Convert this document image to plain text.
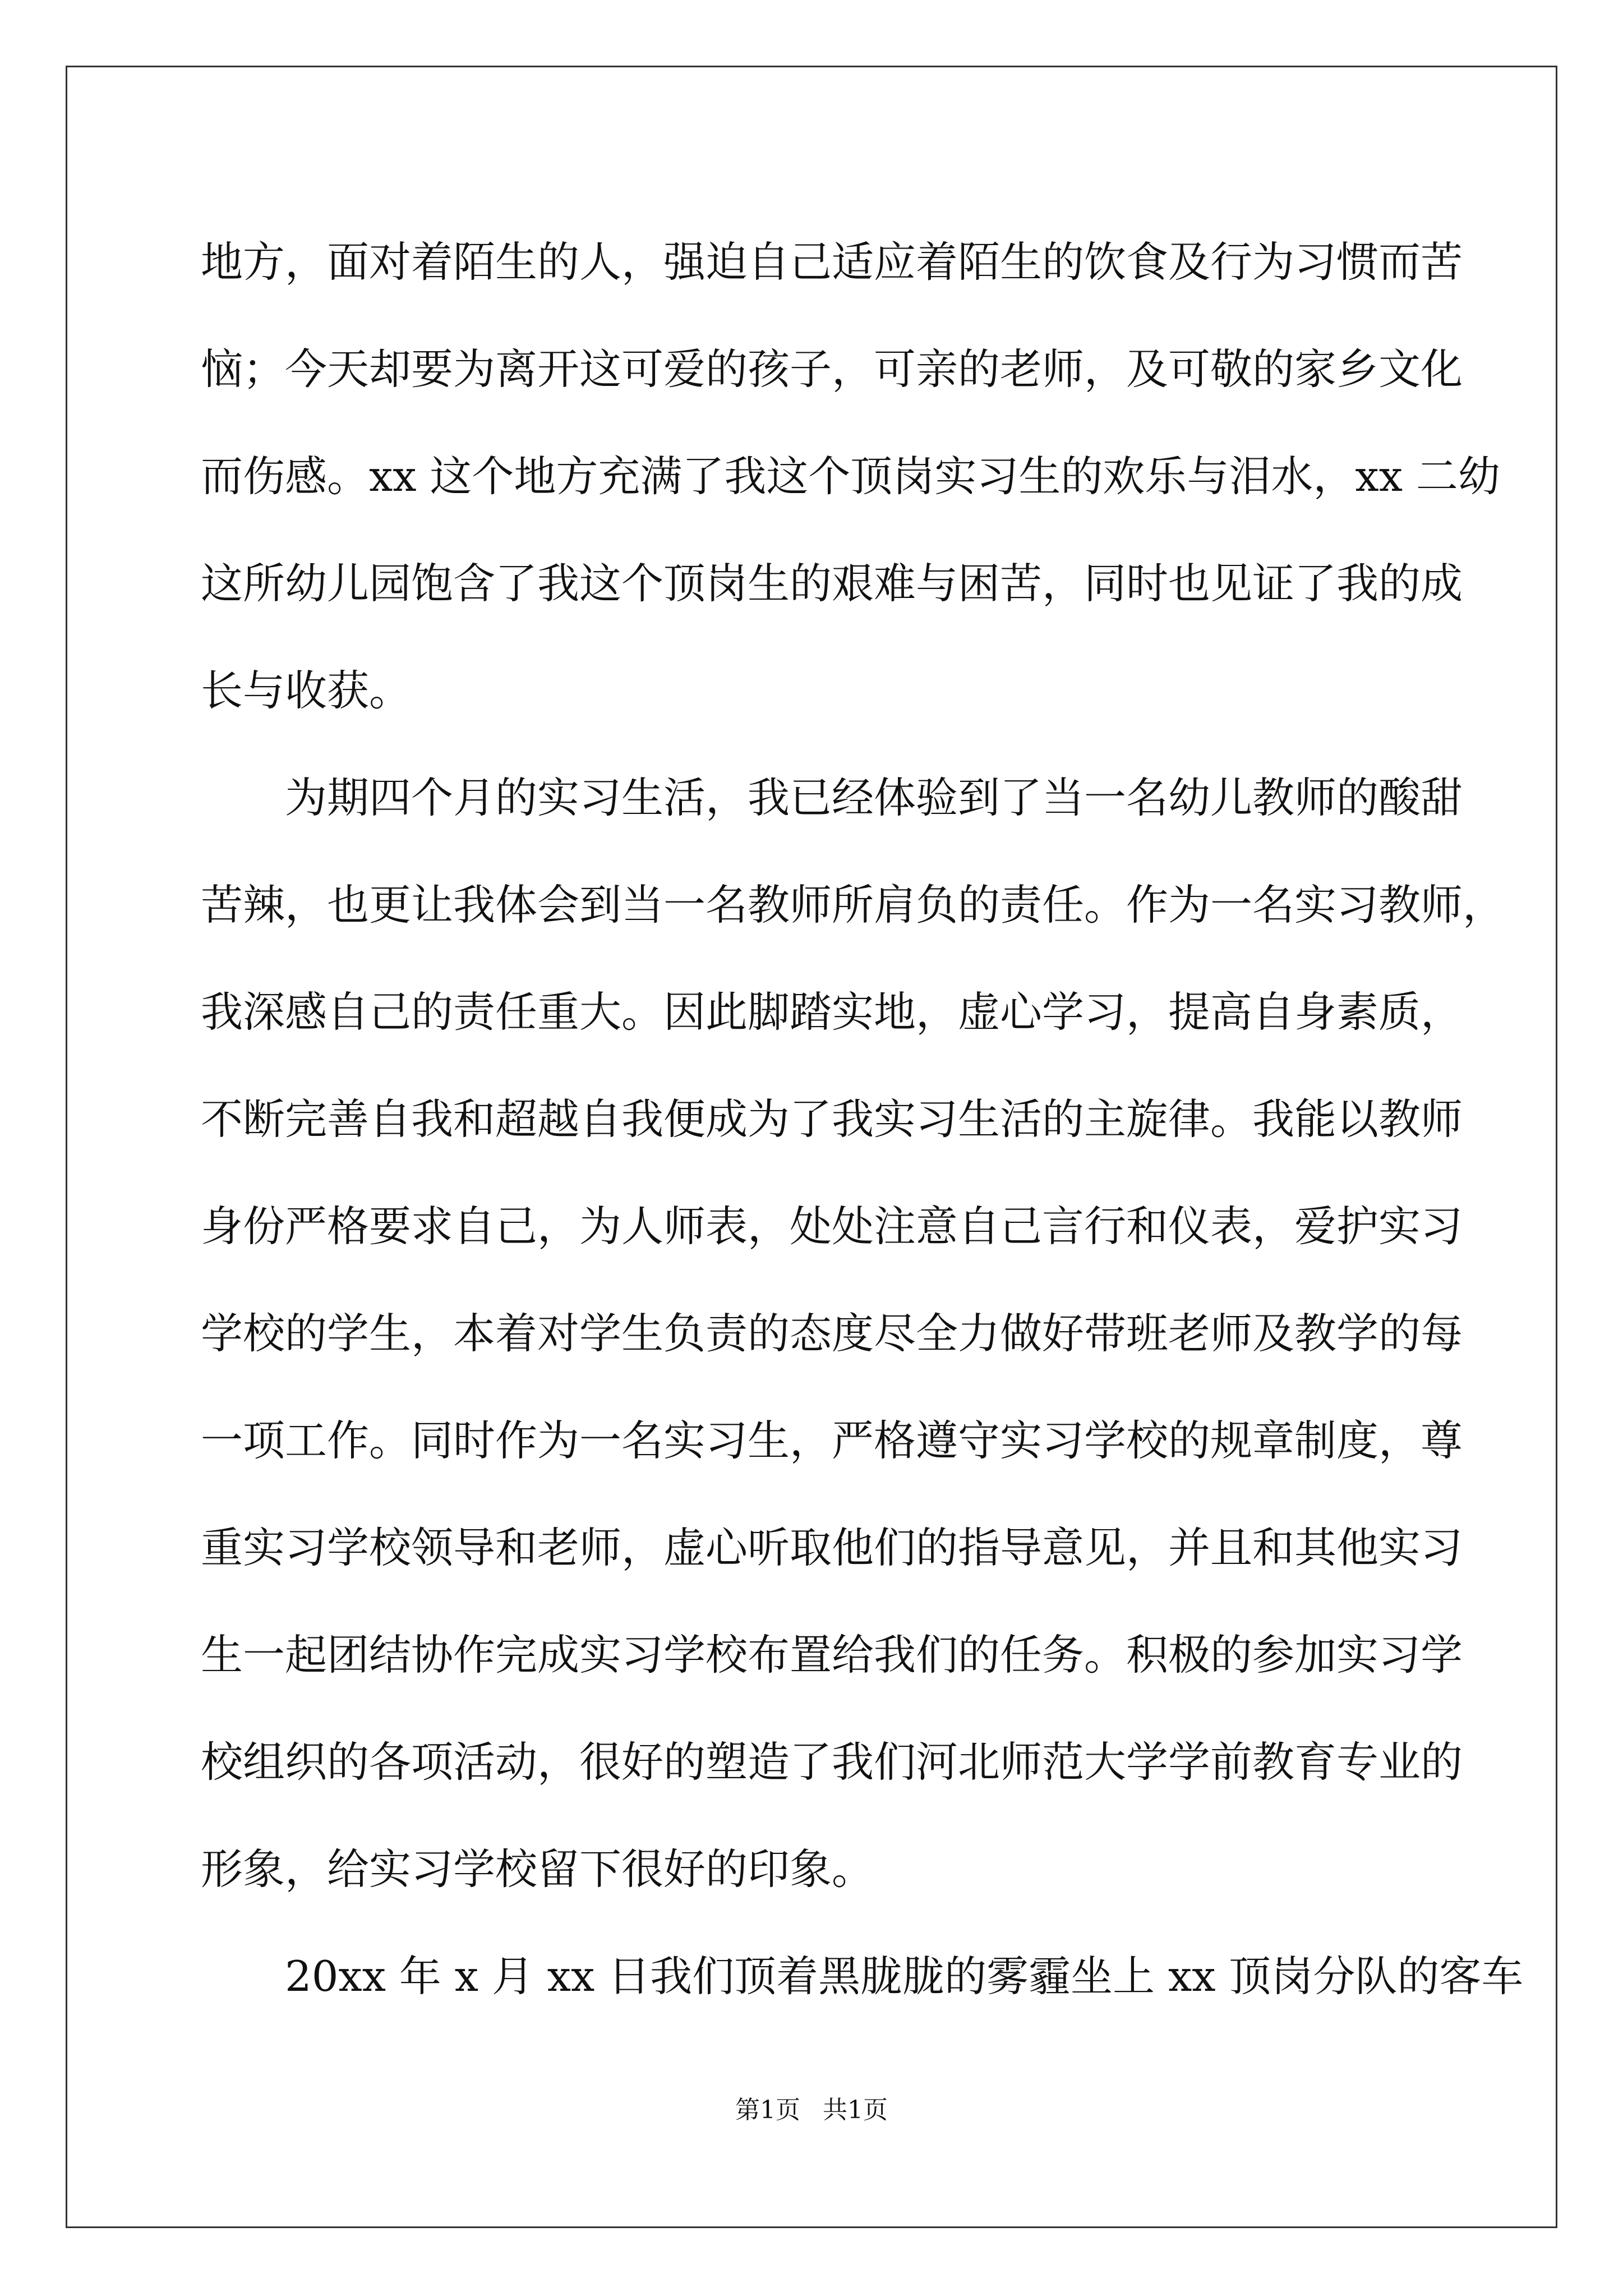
地方，面对着陌生的人，强迫自己适应着陌生的饮食及行为习惯而苦
恼；今天却要为离开这可爱的孩子，可亲的老师，及可敬的家乡文化
而伤感。xx 这个地方充满了我这个顶岗实习生的欢乐与泪水，xx 二幼
这所幼儿园饱含了我这个顶岗生的艰难与困苦，同时也见证了我的成
长与收获。
为期四个月的实习生活，我已经体验到了当一名幼儿教师的酸甜
苦辣，也更让我体会到当一名教师所肩负的责任。作为一名实习教师，
我深感自己的责任重大。因此脚踏实地，虚心学习，提高自身素质，
不断完善自我和超越自我便成为了我实习生活的主旋律。我能以教师
身份严格要求自己，为人师表，处处注意自己言行和仪表，爱护实习
学校的学生，本着对学生负责的态度尽全力做好带班老师及教学的每
一项工作。同时作为一名实习生，严格遵守实习学校的规章制度，尊
重实习学校领导和老师，虚心听取他们的指导意见，并且和其他实习
生一起团结协作完成实习学校布置给我们的任务。积极的参加实习学
校组织的各项活动，很好的塑造了我们河北师范大学学前教育专业的
形象，给实习学校留下很好的印象。
20xx 年 x 月 xx 日我们顶着黑胧胧的雾霾坐上 xx 顶岗分队的客车
第1页 共1页
